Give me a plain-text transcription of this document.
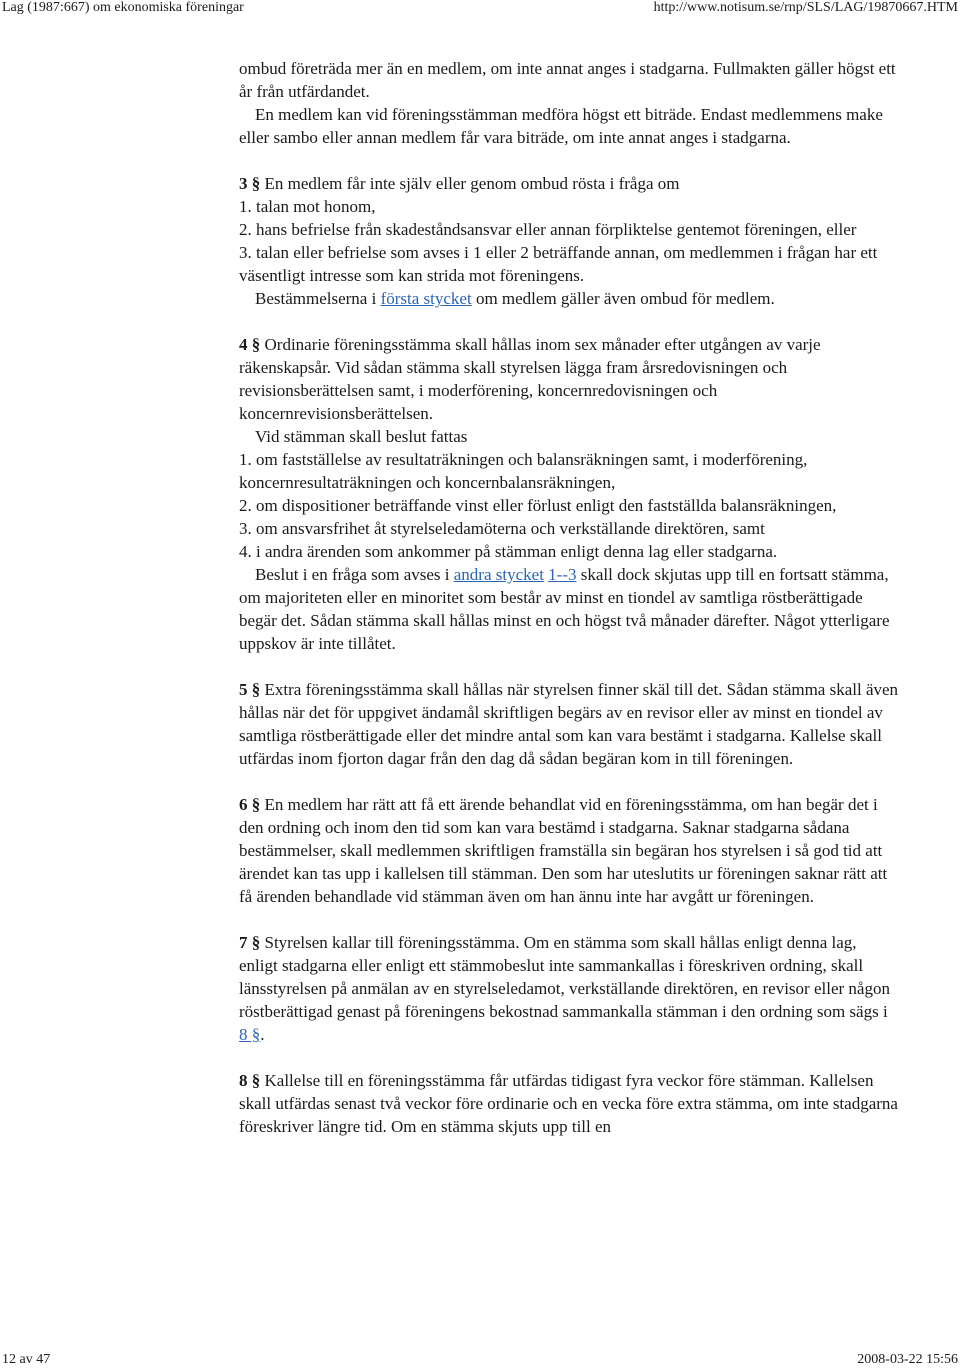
Lag (1987:667) om ekonomiska föreningar	http://www.notisum.se/rnp/SLS/LAG/19870667.HTM

ombud företräda mer än en medlem, om inte annat anges i stadgarna. Fullmakten gäller högst ett år från utfärdandet.

En medlem kan vid föreningsstämman medföra högst ett biträde. Endast medlemmens make eller sambo eller annan medlem får vara biträde, om inte annat anges i stadgarna.

3 § En medlem får inte själv eller genom ombud rösta i fråga om

1. talan mot honom,

2. hans befrielse från skadeståndsansvar eller annan förpliktelse gentemot föreningen, eller

3. talan eller befrielse som avses i 1 eller 2 beträffande annan, om medlemmen i frågan har ett väsentligt intresse som kan strida mot föreningens.

Bestämmelserna i första stycket om medlem gäller även ombud för medlem.

4 § Ordinarie föreningsstämma skall hållas inom sex månader efter utgången av varje räkenskapsår. Vid sådan stämma skall styrelsen lägga fram årsredovisningen och revisionsberättelsen samt, i moderförening, koncernredovisningen och koncernrevisionsberättelsen.

Vid stämman skall beslut fattas

1. om fastställelse av resultaträkningen och balansräkningen samt, i moderförening, koncernresultaträkningen och koncernbalansräkningen,

2. om dispositioner beträffande vinst eller förlust enligt den fastställda balansräkningen,

3. om ansvarsfrihet åt styrelseledamöterna och verkställande direktören, samt

4. i andra ärenden som ankommer på stämman enligt denna lag eller stadgarna.

Beslut i en fråga som avses i andra stycket 1--3 skall dock skjutas upp till en fortsatt stämma, om majoriteten eller en minoritet som består av minst en tiondel av samtliga röstberättigade begär det. Sådan stämma skall hållas minst en och högst två månader därefter. Något ytterligare uppskov är inte tillåtet.

5 § Extra föreningsstämma skall hållas när styrelsen finner skäl till det. Sådan stämma skall även hållas när det för uppgivet ändamål skriftligen begärs av en revisor eller av minst en tiondel av samtliga röstberättigade eller det mindre antal som kan vara bestämt i stadgarna. Kallelse skall utfärdas inom fjorton dagar från den dag då sådan begäran kom in till föreningen.

6 § En medlem har rätt att få ett ärende behandlat vid en föreningsstämma, om han begär det i den ordning och inom den tid som kan vara bestämd i stadgarna. Saknar stadgarna sådana bestämmelser, skall medlemmen skriftligen framställa sin begäran hos styrelsen i så god tid att ärendet kan tas upp i kallelsen till stämman. Den som har uteslutits ur föreningen saknar rätt att få ärenden behandlade vid stämman även om han ännu inte har avgått ur föreningen.

7 § Styrelsen kallar till föreningsstämma. Om en stämma som skall hållas enligt denna lag, enligt stadgarna eller enligt ett stämmobeslut inte sammankallas i föreskriven ordning, skall länsstyrelsen på anmälan av en styrelseledamot, verkställande direktören, en revisor eller någon röstberättigad genast på föreningens bekostnad sammankalla stämman i den ordning som sägs i 8 §.

8 § Kallelse till en föreningsstämma får utfärdas tidigast fyra veckor före stämman. Kallelsen skall utfärdas senast två veckor före ordinarie och en vecka före extra stämma, om inte stadgarna föreskriver längre tid. Om en stämma skjuts upp till en

12 av 47	2008-03-22 15:56
